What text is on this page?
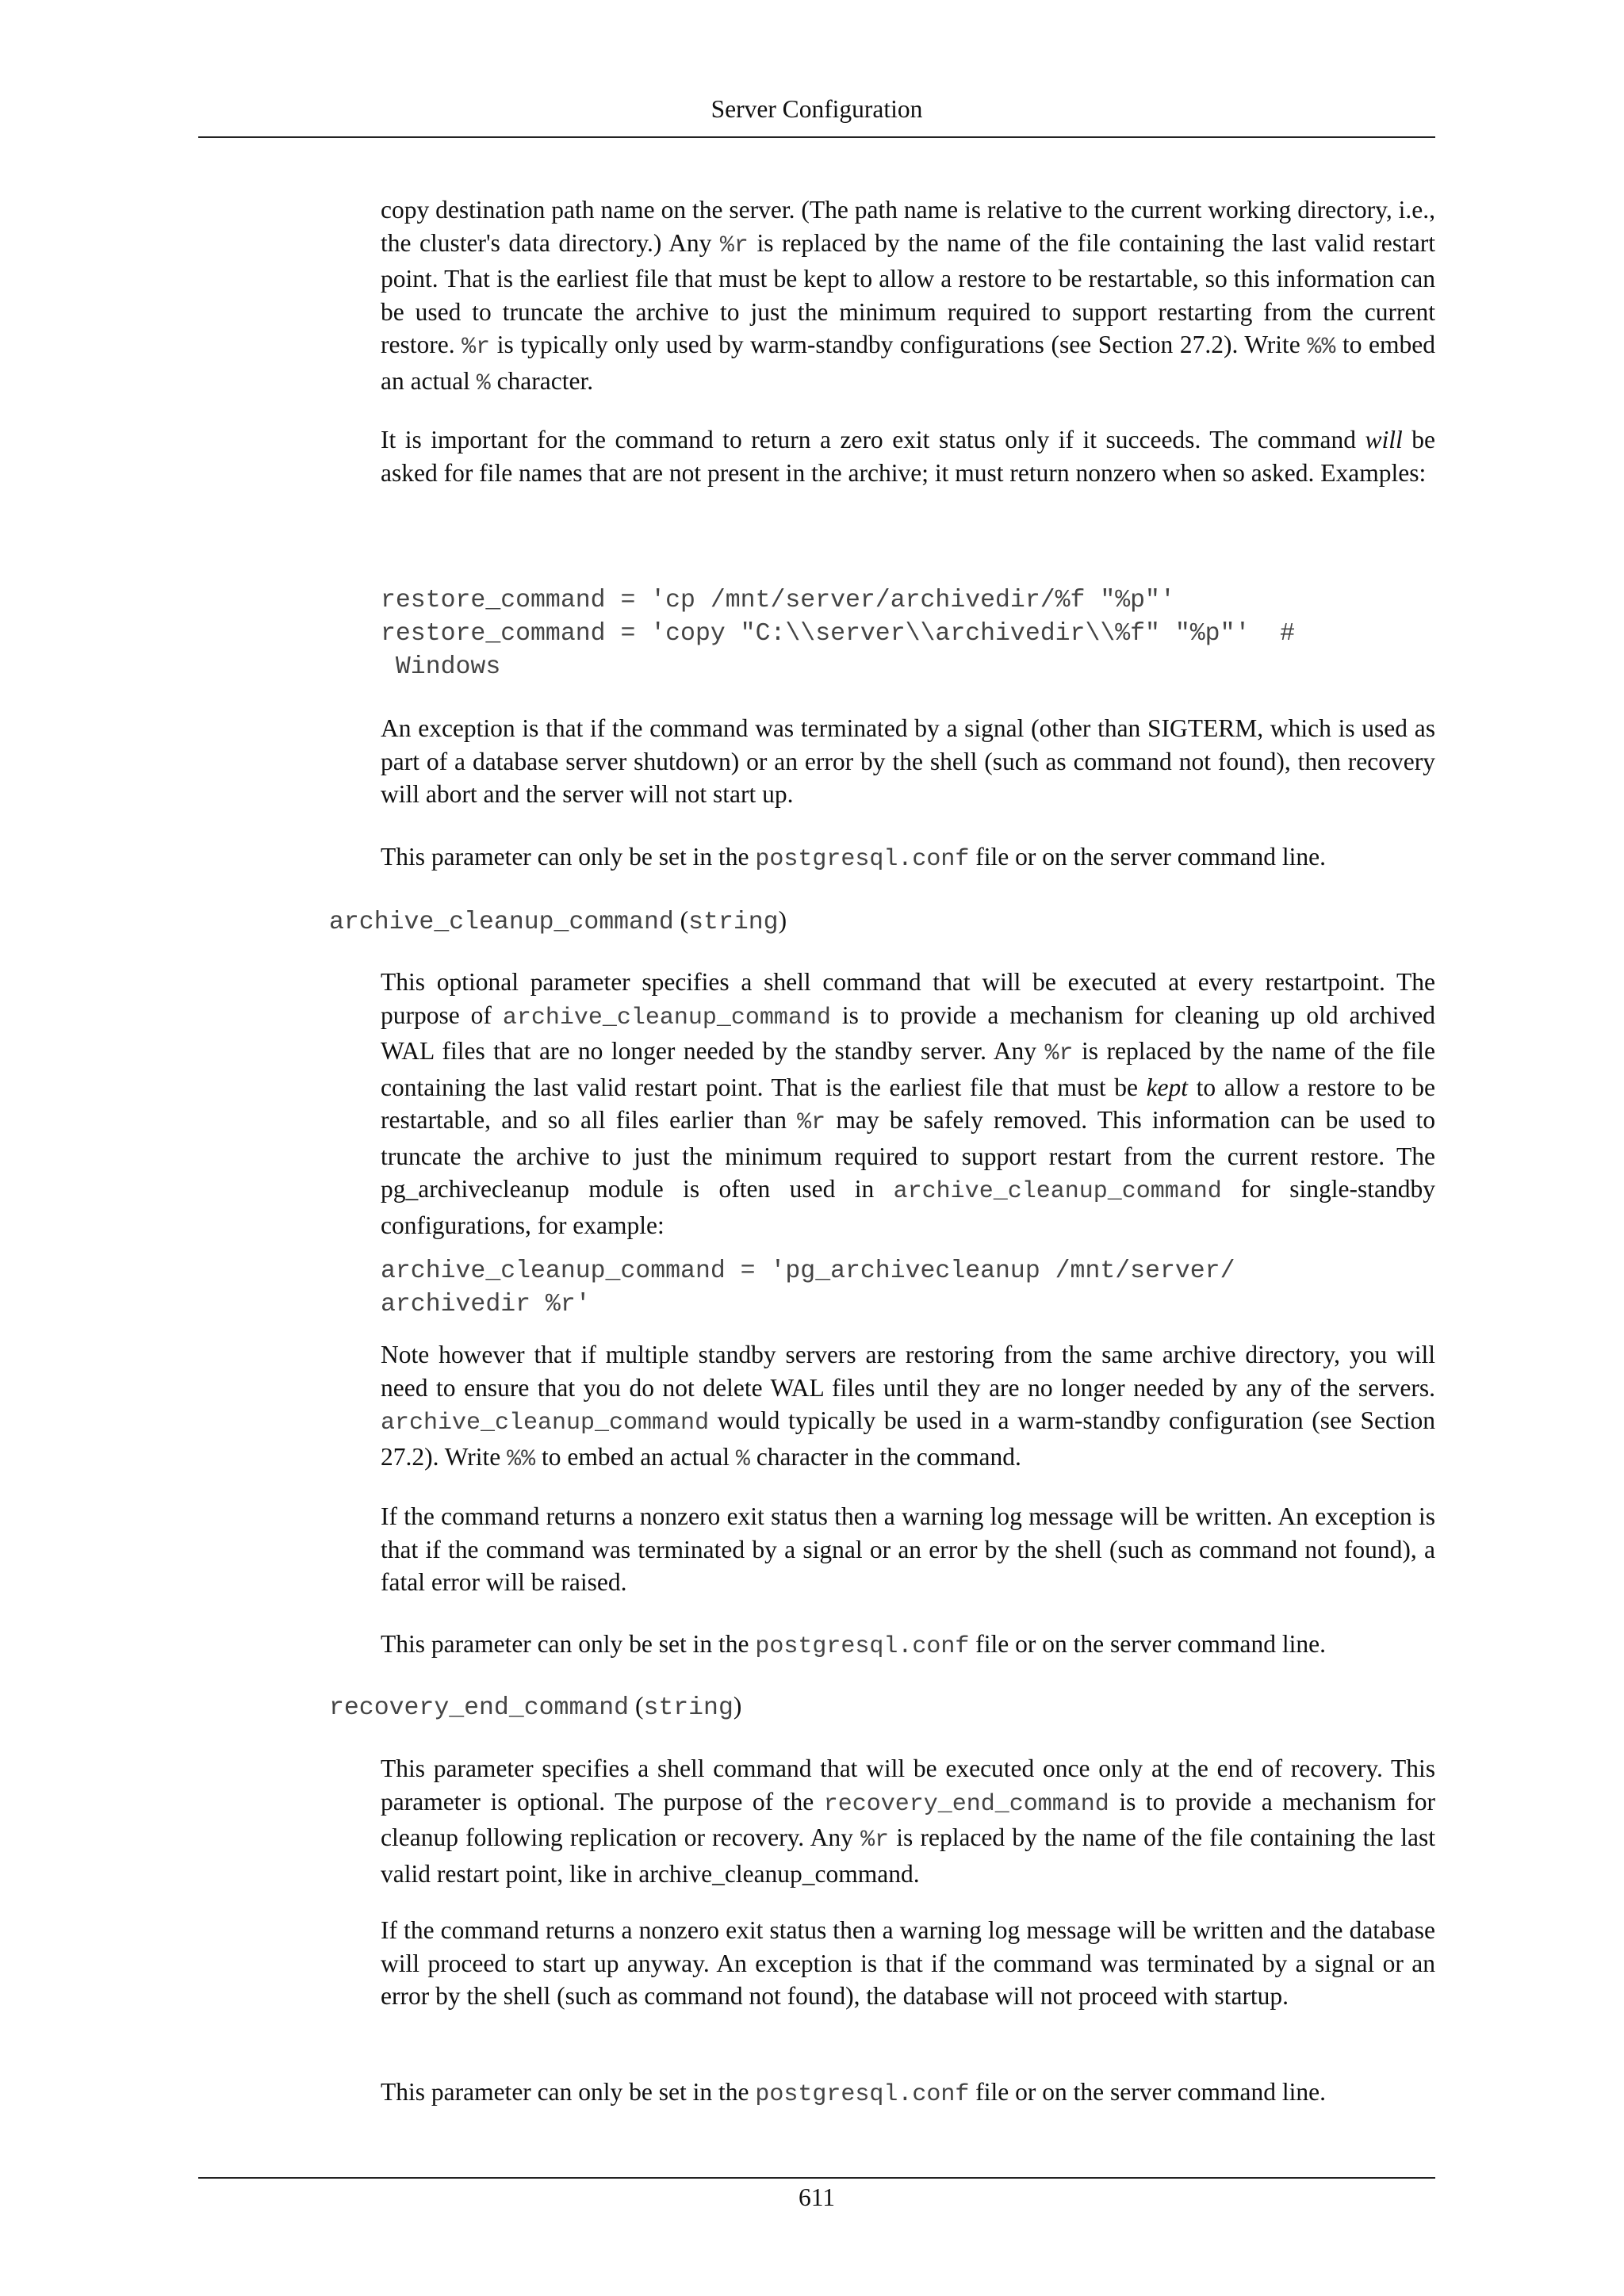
Server Configuration

copy destination path name on the server. (The path name is relative to the current working directory, i.e., the cluster's data directory.) Any %r is replaced by the name of the file containing the last valid restart point. That is the earliest file that must be kept to allow a restore to be restartable, so this information can be used to truncate the archive to just the minimum required to support restarting from the current restore. %r is typically only used by warm-standby configurations (see Section 27.2). Write %% to embed an actual % character.

It is important for the command to return a zero exit status only if it succeeds. The command will be asked for file names that are not present in the archive; it must return nonzero when so asked. Examples:

restore_command = 'cp /mnt/server/archivedir/%f "%p"'
restore_command = 'copy "C:\\server\\archivedir\\%f" "%p"'  #
Windows

An exception is that if the command was terminated by a signal (other than SIGTERM, which is used as part of a database server shutdown) or an error by the shell (such as command not found), then recovery will abort and the server will not start up.

This parameter can only be set in the postgresql.conf file or on the server command line.

archive_cleanup_command (string)

This optional parameter specifies a shell command that will be executed at every restartpoint. The purpose of archive_cleanup_command is to provide a mechanism for cleaning up old archived WAL files that are no longer needed by the standby server. Any %r is replaced by the name of the file containing the last valid restart point. That is the earliest file that must be kept to allow a restore to be restartable, and so all files earlier than %r may be safely removed. This information can be used to truncate the archive to just the minimum required to support restart from the current restore. The pg_archivecleanup module is often used in archive_cleanup_command for single-standby configurations, for example:

archive_cleanup_command = 'pg_archivecleanup /mnt/server/
archivedir %r'

Note however that if multiple standby servers are restoring from the same archive directory, you will need to ensure that you do not delete WAL files until they are no longer needed by any of the servers. archive_cleanup_command would typically be used in a warm-standby configuration (see Section 27.2). Write %% to embed an actual % character in the command.

If the command returns a nonzero exit status then a warning log message will be written. An exception is that if the command was terminated by a signal or an error by the shell (such as command not found), a fatal error will be raised.

This parameter can only be set in the postgresql.conf file or on the server command line.

recovery_end_command (string)

This parameter specifies a shell command that will be executed once only at the end of recovery. This parameter is optional. The purpose of the recovery_end_command is to provide a mechanism for cleanup following replication or recovery. Any %r is replaced by the name of the file containing the last valid restart point, like in archive_cleanup_command.

If the command returns a nonzero exit status then a warning log message will be written and the database will proceed to start up anyway. An exception is that if the command was terminated by a signal or an error by the shell (such as command not found), the database will not proceed with startup.

This parameter can only be set in the postgresql.conf file or on the server command line.

611
